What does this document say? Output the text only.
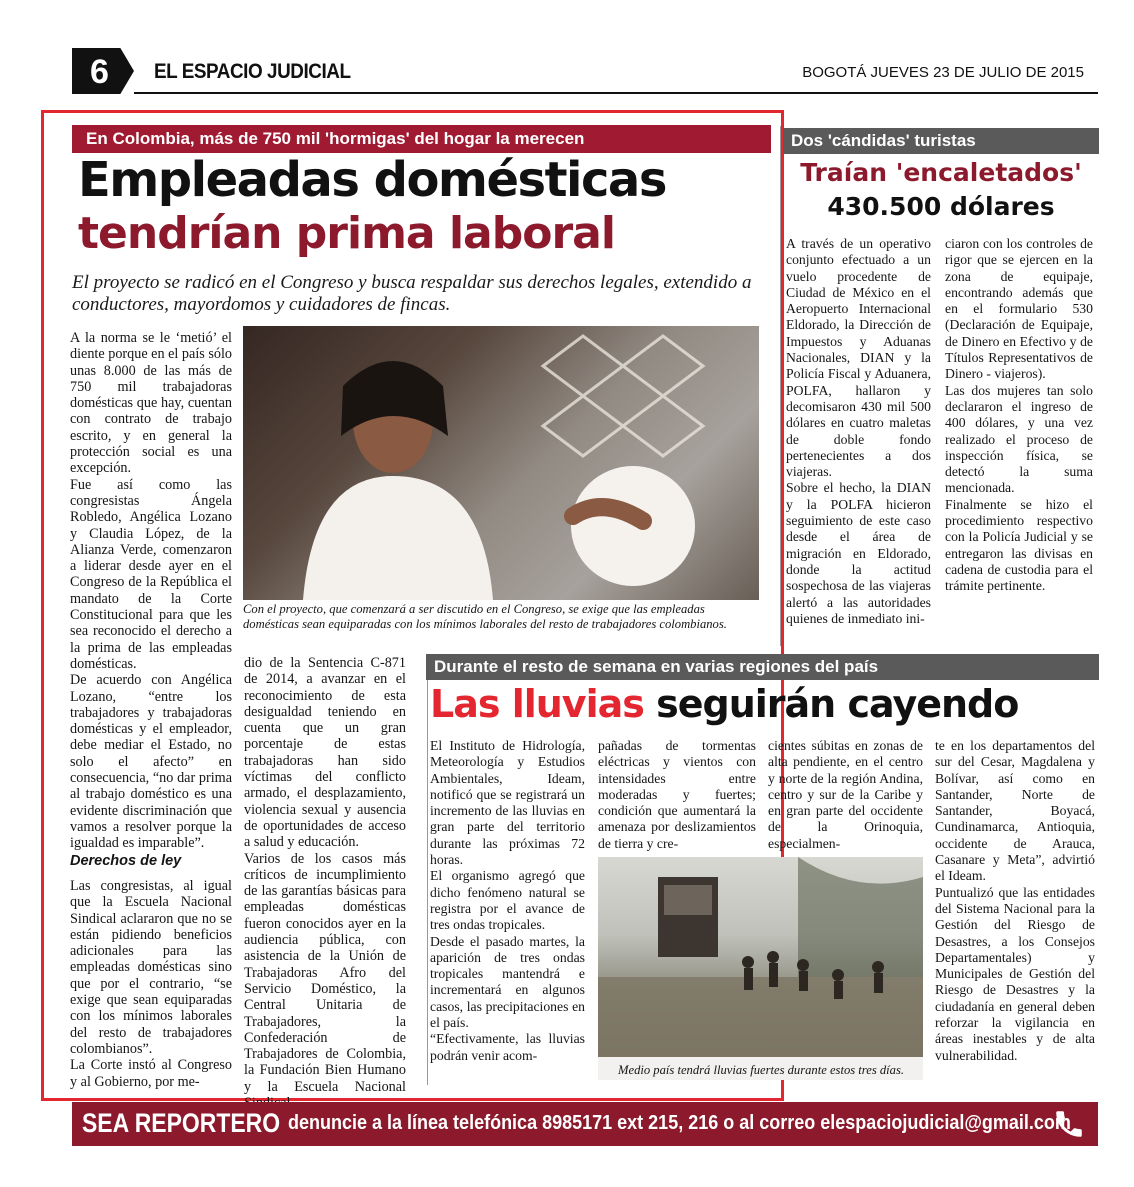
6 EL ESPACIO JUDICIAL	BOGOTÁ JUEVES 23 DE JULIO DE 2015
En Colombia, más de 750 mil 'hormigas' del hogar la merecen
Empleadas domésticas
tendrían prima laboral
El proyecto se radicó en el Congreso y busca respaldar sus derechos legales, extendido a conductores, mayordomos y cuidadores de fincas.
Con el proyecto, que comenzará a ser discutido en el Congreso, se exige que las empleadas domésticas sean equiparadas con los mínimos laborales del resto de trabajadores colombianos.

A la norma se le ‘metió’ el diente porque en el país sólo unas 8.000 de las más de 750 mil trabajadoras domésticas que hay, cuentan con contrato de trabajo escrito, y en general la protección social es una excepción.

Fue así como las congresistas Ángela Robledo, Angélica Lozano y Claudia López, de la Alianza Verde, comenzaron a liderar desde ayer en el Congreso de la República el mandato de la Corte Constitucional para que les sea reconocido el derecho a la prima de las empleadas domésticas.

De acuerdo con Angélica Lozano, “entre los trabajadores y trabajadoras domésticas y el empleador, debe mediar el Estado, no solo el afecto” en consecuencia, “no dar prima al trabajo doméstico es una evidente discriminación que vamos a resolver porque la igualdad es imparable”.

Derechos de ley

Las congresistas, al igual que la Escuela Nacional Sindical aclararon que no se están pidiendo beneficios adicionales para las empleadas domésticas sino que por el contrario, “se exige que sean equiparadas con los mínimos laborales del resto de trabajadores colombianos”.

La Corte instó al Congreso y al Gobierno, por me-

dio de la Sentencia C-871 de 2014, a avanzar en el reconocimiento de esta desigualdad teniendo en cuenta que un gran porcentaje de estas trabajadoras han sido víctimas del conflicto armado, el desplazamiento, violencia sexual y ausencia de oportunidades de acceso a salud y educación.

Varios de los casos más críticos de incumplimiento de las garantías básicas para empleadas domésticas fueron conocidos ayer en la audiencia pública, con asistencia de la Unión de Trabajadoras Afro del Servicio Doméstico, la Central Unitaria de Trabajadores, la Confederación de Trabajadores de Colombia, la Fundación Bien Humano y la Escuela Nacional

Dos 'cándidas' turistas
Traían 'encaletados'
430.500 dólares

A través de un operativo conjunto efectuado a un vuelo procedente de Ciudad de México en el Aeropuerto Internacional Eldorado, la Dirección de Impuestos y Aduanas Nacionales, DIAN y la Policía Fiscal y Aduanera, POLFA, hallaron y decomisaron 430 mil 500 dólares en cuatro maletas de doble fondo pertenecientes a dos viajeras.

Sobre el hecho, la DIAN y la POLFA hicieron seguimiento de este caso desde el área de migración en Eldorado, donde la actitud sospechosa de las viajeras alertó a las autoridades quienes de inmediato ini-

ciaron con los controles de rigor que se ejercen en la zona de equipaje, encontrando además que en el formulario 530 (Declaración de Equipaje, de Dinero en Efectivo y de Títulos Representativos de Dinero - viajeros).

Las dos mujeres tan solo declararon el ingreso de 400 dólares, y una vez realizado el proceso de inspección física, se detectó la suma mencionada.

Finalmente se hizo el procedimiento respectivo con la Policía Judicial y se entregaron las divisas en cadena de custodia para el trámite pertinente.

Durante el resto de semana en varias regiones del país
Las lluvias seguirán cayendo

El Instituto de Hidrología, Meteorología y Estudios Ambientales, Ideam, notificó que se registrará un incremento de las lluvias en gran parte del territorio durante las próximas 72 horas.

El organismo agregó que dicho fenómeno natural se registra por el avance de tres ondas tropicales.

Desde el pasado martes, la aparición de tres ondas tropicales mantendrá e incrementará en algunos casos, las precipitaciones en el país.

“Efectivamente, las lluvias podrán venir acom-

pañadas de tormentas eléctricas y vientos con intensidades entre moderadas y fuertes; condición que aumentará la amenaza por deslizamientos de tierra y cre-

cientes súbitas en zonas de alta pendiente, en el centro y norte de la región Andina, centro y sur de la Caribe y en gran parte del occidente de la Orinoquia, especialmen-

te en los departamentos del sur del Cesar, Magdalena y Bolívar, así como en Santander, Norte de Santander, Boyacá, Cundinamarca, Antioquia, occidente de Arauca, Casanare y Meta”, advirtió el Ideam.

Puntualizó que las entidades del Sistema Nacional para la Gestión del Riesgo de Desastres, a los Consejos Departamentales) y Municipales de Gestión del Riesgo de Desastres y la ciudadanía en general deben reforzar la vigilancia en áreas inestables y de alta vulnerabilidad.

Medio país tendrá lluvias fuertes durante estos tres días.
SEA REPORTERO denuncie a la línea telefónica 8985171 ext 215, 216 o al correo elespaciojudicial@gmail.com
